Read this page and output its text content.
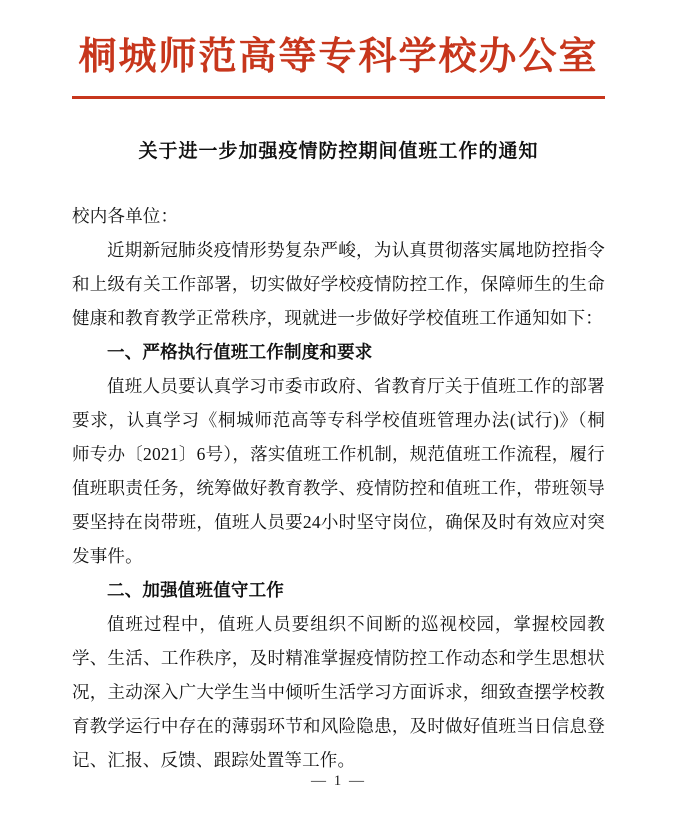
桐城师范高等专科学校办公室
关于进一步加强疫情防控期间值班工作的通知

校内各单位：

近期新冠肺炎疫情形势复杂严峻，为认真贯彻落实属地防控指令和上级有关工作部署，切实做好学校疫情防控工作，保障师生的生命健康和教育教学正常秩序，现就进一步做好学校值班工作通知如下：

一、严格执行值班工作制度和要求

值班人员要认真学习市委市政府、省教育厅关于值班工作的部署要求，认真学习《桐城师范高等专科学校值班管理办法(试行)》（桐师专办〔2021〕6号），落实值班工作机制，规范值班工作流程，履行值班职责任务，统筹做好教育教学、疫情防控和值班工作，带班领导要坚持在岗带班，值班人员要24小时坚守岗位，确保及时有效应对突发事件。

二、加强值班值守工作

值班过程中，值班人员要组织不间断的巡视校园，掌握校园教学、生活、工作秩序，及时精准掌握疫情防控工作动态和学生思想状况，主动深入广大学生当中倾听生活学习方面诉求，细致查摆学校教育教学运行中存在的薄弱环节和风险隐患，及时做好值班当日信息登记、汇报、反馈、跟踪处置等工作。

— 1 —
